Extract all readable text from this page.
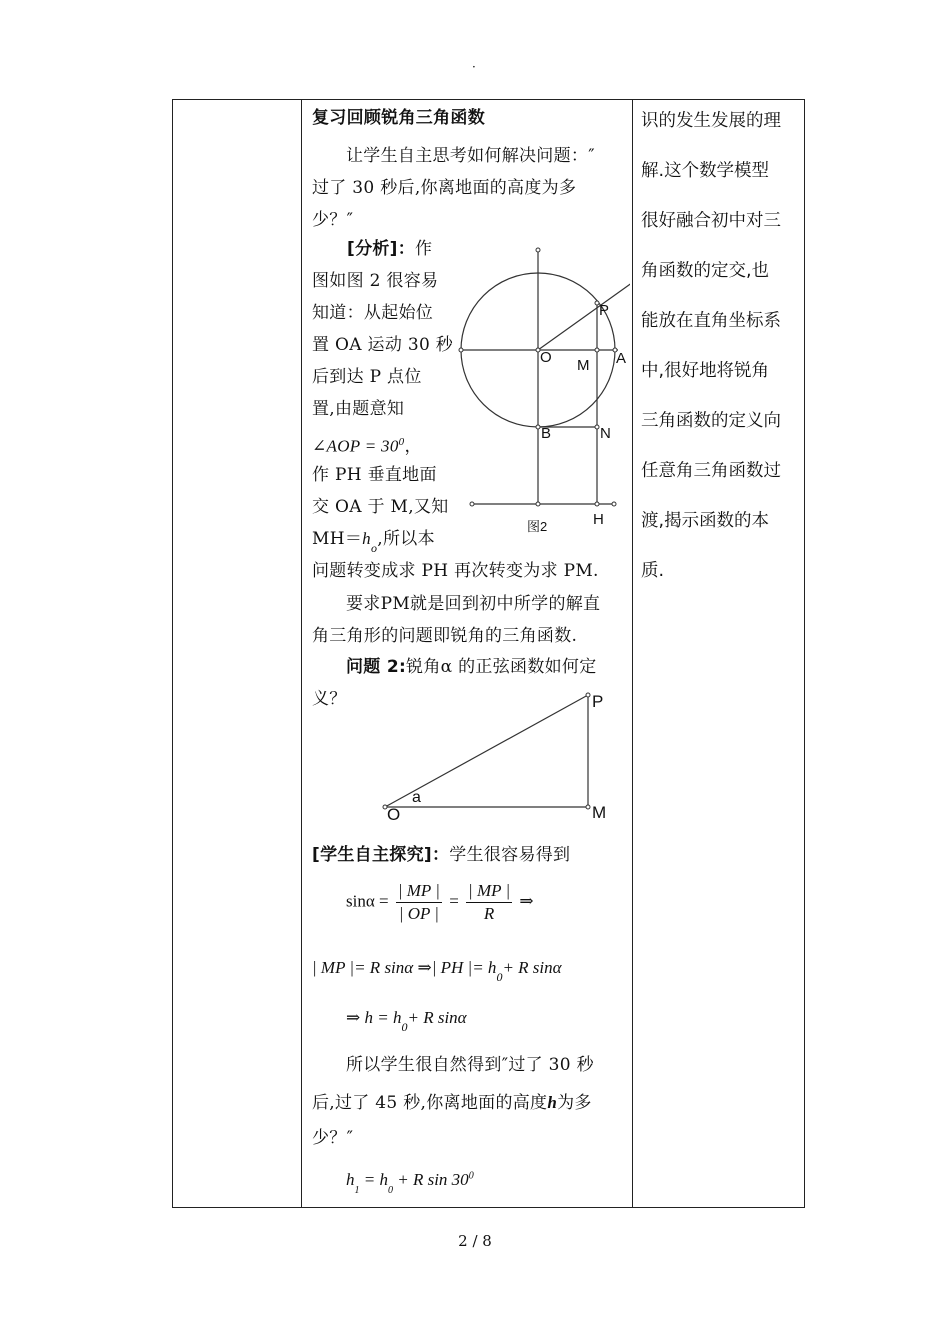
·
复习回顾锐角三角函数
让学生自主思考如何解决问题：″
过了 30 秒后,你离地面的高度为多
少？″
[分析]：作
图如图 2 很容易
知道：从起始位
置 OA 运动 30 秒
后到达 P 点位
置,由题意知
∠AOP = $30^0$，
作 PH 垂直地面
交 OA 于 M,又知
$MH=h_o$,所以本
问题转变成求 PH 再次转变为求 PM.
要求PM就是回到初中所学的解直
角三角形的问题即锐角的三角函数.
问题 2:锐角α 的正弦函数如何定
义？
P
O M A
B	N
图2	H
P
a
O	M
[学生自主探究]：学生很容易得到
$\sin\alpha = \frac{| MP |}{| OP |} = \frac{| MP |}{R}$ ⇒
| MP |= R sinα ⇒| PH |= $h_0+ R$ sinα
⇒ $h = h_0+ R$ sinα
所以学生很自然得到″过了 30 秒
后,过了 45 秒,你离地面的高度h为多
少？″
$h_1 = h_0 + R$ $\sin 30^0$
识的发生发展的理
解.这个数学模型
很好融合初中对三
角函数的定交,也
能放在直角坐标系
中,很好地将锐角
三角函数的定义向
任意角三角函数过
渡,揭示函数的本
质.
2 / 8
